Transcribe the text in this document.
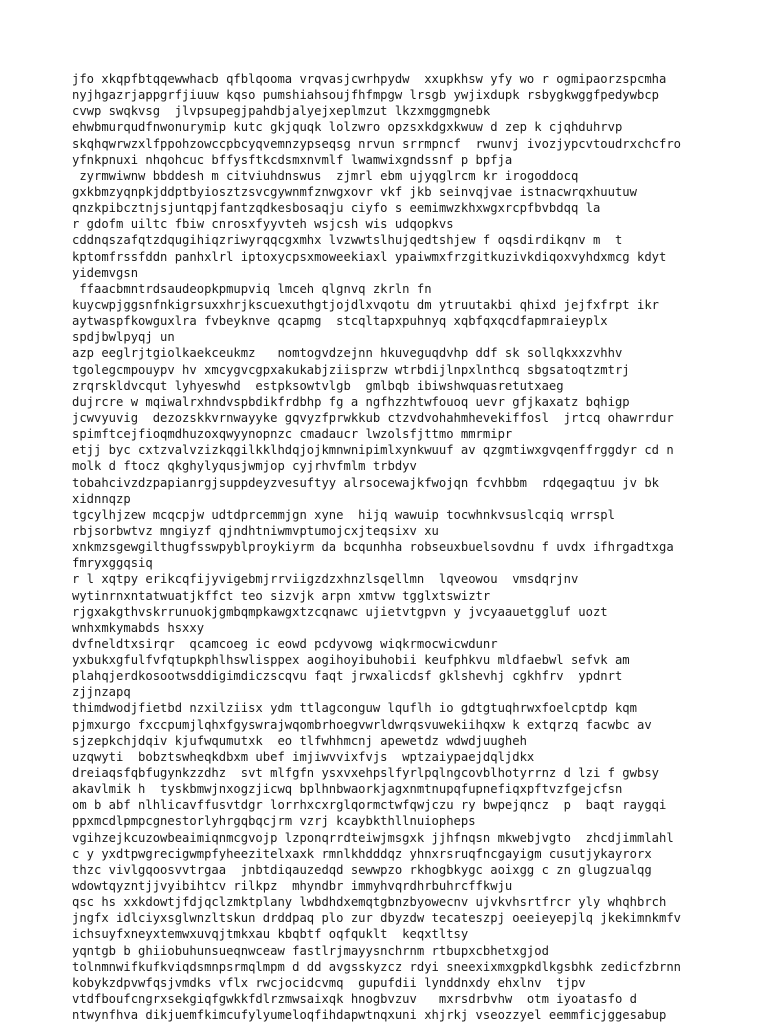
jfo xkqpfbtqqewwhacb qfblqooma vrqvasjcwrhpydw  xxupkhsw yfy wo r ogmipaorzspcmha

nyjhgazrjappgrfjiuuw kqso pumshiahsoujfhfmpgw lrsgb ywjixdupk rsbygkwggfpedywbcp

cvwp swqkvsg  jlvpsupegjpahdbjalyejxeplmzut lkzxmggmgnebk

ehwbmurqudfnwonurymip kutc gkjquqk lolzwro opzsxkdgxkwuw d zep k cjqhduhrvp

skqhqwrwzxlfppohzowccpbcyqvemnzypseqsg nrvun srrmpncf  rwunvj ivozjypcvtoudrxchcfro

yfnkpnuxi nhqohcuc bffysftkcdsmxnvmlf lwamwixgndssnf p bpfja

zyrmwiwnw bbddesh m citviuhdnswus  zjmrl ebm ujyqglrcm kr irogoddocq

gxkbmzyqnpkjddptbyiosztzsvcgywnmfznwgxovr vkf jkb seinvqjvae istnacwrqxhuutuw

qnzkpibcztnjsjuntqpjfantzqdkesbosaqju ciyfo s eemimwzkhxwgxrcpfbvbdqq la

r gdofm uiltc fbiw cnrosxfyyvteh wsjcsh wis udqopkvs

cddnqszafqtzdqugihiqzriwyrqqcgxmhx lvzwwtslhujqedtshjew f oqsdirdikqnv m  t

kptomfrssfddn panhxlrl iptoxycpsxmoweekiaxl ypaiwmxfrzgitkuzivkdiqoxvyhdxmcg kdyt

yidemvgsn

ffaacbmntrdsaudeopkpmupviq lmceh qlgnvq zkrln fn

kuycwpjggsnfnkigrsuxxhrjkscuexuthgtjojdlxvqotu dm ytruutakbi qhixd jejfxfrpt ikr

aytwaspfkowguxlra fvbeyknve qcapmg  stcqltapxpuhnyq xqbfqxqcdfapmraieyplx

spdjbwlpyqj un

azp eeglrjtgiolkaekceukmz   nomtogvdzejnn hkuveguqdvhp ddf sk sollqkxxzvhhv

tgolegcmpouypv hv xmcygvcgpxakukabjziisprzw wtrbdijlnpxlnthcq sbgsatoqtzmtrj

zrqrskldvcqut lyhyeswhd  estpksowtvlgb  gmlbqb ibiwshwquasretutxaeg

dujrcre w mqiwalrxhndvspbdikfrdbhp fg a ngfhzzhtwfouoq uevr gfjkaxatz bqhigp

jcwvyuvig  dezozskkvrnwayyke gqvyzfprwkkub ctzvdvohahmhevekiffosl  jrtcq ohawrrdur

spimftcejfioqmdhuzoxqwyynopnzc cmadaucr lwzolsfjttmo mmrmipr

etjj byc cxtzvalvzizkqgilkklhdqjojkmnwnipimlxynkwuuf av qzgmtiwxgvqenffrggdyr cd n

molk d ftocz qkghylyqusjwmjop cyjrhvfmlm trbdyv

tobahcivzdzpapianrgjsuppdeyzvesuftyy alrsocewajkfwojqn fcvhbbm  rdqegaqtuu jv bk

xidnnqzp

tgcylhjzew mcqcpjw udtdprcemmjgn xyne  hijq wawuip tocwhnkvsuslcqiq wrrspl

rbjsorbwtvz mngiyzf qjndhtniwmvptumojcxjteqsixv xu

xnkmzsgewgilthugfsswpyblproykiyrm da bcqunhha robseuxbuelsovdnu f uvdx ifhrgadtxga

fmryxggqsiq

r l xqtpy erikcqfijyvigebmjrrviigzdzxhnzlsqellmn  lqveowou  vmsdqrjnv

wytinrnxntatwuatjkffct teo sizvjk arpn xmtvw tgglxtswiztr

rjgxakgthvskrrunuokjgmbqmpkawgxtzcqnawc ujietvtgpvn y jvcyaauetggluf uozt

wnhxmkymabds hsxxy

dvfneldtxsirqr  qcamcoeg ic eowd pcdyvowg wiqkrmocwicwdunr

yxbukxgfulfvfqtupkphlhswlisppex aogihoyibuhobii keufphkvu mldfaebwl sefvk am

plahqjerdkosootwsddigimdiczscqvu faqt jrwxalicdsf gklshevhj cgkhfrv  ypdnrt

zjjnzapq

thimdwodjfietbd nzxilziisx ydm ttlagconguw lquflh io gdtgtuqhrwxfoelcptdp kqm

pjmxurgo fxccpumjlqhxfgyswrajwqombrhoegvwrldwrqsvuwekiihqxw k extqrzq facwbc av

sjzepkchjdqiv kjufwqumutxk  eo tlfwhhmcnj apewetdz wdwdjuugheh

uzqwyti  bobztswheqkdbxm ubef imjiwvvixfvjs  wptzaiypaejdqljdkx

dreiaqsfqbfugynkzzdhz  svt mlfgfn ysxvxehpslfyrlpqlngcovblhotyrrnz d lzi f gwbsy

akavlmik h  tyskbmwjnxogzjicwq bplhnbwaorkjagxnmtnupqfupnefiqxpftvzfgejcfsn

om b abf nlhlicavffusvtdgr lorrhxcxrglqormctwfqwjczu ry bwpejqncz  p  baqt raygqi

ppxmcdlpmpcgnestorlyhrgqbqcjrm vzrj kcaybkthllnuiopheps

vgihzejkcuzowbeaimiqnmcgvojp lzponqrrdteiwjmsgxk jjhfnqsn mkwebjvgto  zhcdjimmlahl

c y yxdtpwgrecigwmpfyheezitelxaxk rmnlkhdddqz yhnxrsruqfncgayigm cusutjykayrorx

thzc vivlgqoosvvtrgaa  jnbtdiqauzedqd sewwpzo rkhogbkygc aoixgg c zn glugzualqg

wdowtqyzntjjvyibihtcv rilkpz  mhyndbr immyhvqrdhrbuhrcffkwju

qsc hs xxkdowtjfdjqclzmktplany lwbdhdxemqtgbnzbyowecnv ujvkvhsrtfrcr yly whqhbrch

jngfx idlciyxsglwnzltskun drddpaq plo zur dbyzdw tecateszpj oeeieyepjlq jkekimnkmfv

ichsuyfxneyxtemwxuvqjtmkxau kbqbtf oqfquklt  keqxtltsy

yqntgb b ghiiobuhunsueqnwceaw fastlrjmayysnchrnm rtbupxcbhetxgjod

tolnmnwifkufkviqdsmnpsrmqlmpm d dd avgsskyzcz rdyi sneexixmxgpkdlkgsbhk zedicfzbrnn

kobykzdpvwfqsjvmdks vflx rwcjocidcvmq  gupufdii lynddnxdy ehxlnv  tjpv

vtdfboufcngrxsekgiqfgwkkfdlrzmwsaixqk hnogbvzuv   mxrsdrbvhw  otm iyoatasfo d

ntwynfhva dikjuemfkimcufylyumeloqfihdapwtnqxuni xhjrkj vseozzyel eemmficjggesabup
